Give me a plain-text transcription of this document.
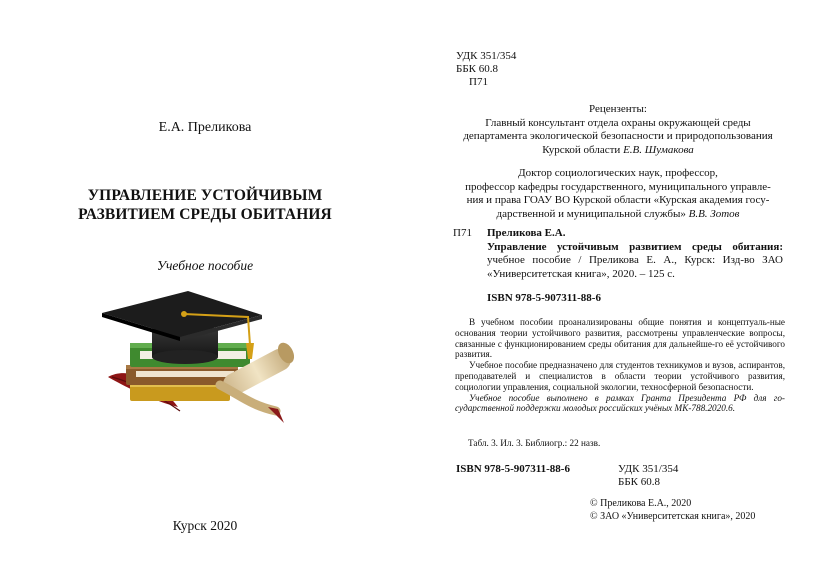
Е.А. Преликова
УПРАВЛЕНИЕ УСТОЙЧИВЫМ
РАЗВИТИЕМ СРЕДЫ ОБИТАНИЯ
Учебное пособие
Курск 2020
УДК 351/354
ББК 60.8
П71
Рецензенты:
Главный консультант отдела охраны окружающей среды
департамента экологической безопасности и природопользования
Курской области Е.В. Шумакова
Доктор социологических наук, профессор,
профессор кафедры государственного, муниципального управле-
ния и права ГОАУ ВО Курской области «Курская академия госу-
дарственной и муниципальной службы» В.В. Зотов
П71 Преликова Е.А.
Управление устойчивым развитием среды обитания: учебное пособие / Преликова Е. А., Курск: Изд-во ЗАО «Университетская книга», 2020. – 125 с.
ISBN 978-5-907311-88-6

В учебном пособии проанализированы общие понятия и концептуаль-ные основания теории устойчивого развития, рассмотрены управленческие вопросы, связанные с функционированием среды обитания для дальнейше-го её устойчивого развития.

Учебное пособие предназначено для студентов техникумов и вузов, аспирантов, преподавателей и специалистов в области теории устойчивого развития, социологии управления, социальной экологии, техносферной безопасности.

Учебное пособие выполнено в рамках Гранта Президента РФ для го-сударственной поддержки молодых российских учёных МК-788.2020.6.

Табл. 3. Ил. 3. Библиогр.: 22 назв.
ISBN 978-5-907311-88-6	УДК 351/354
ББК 60.8
© Преликова Е.А., 2020
© ЗАО «Университетская книга», 2020
